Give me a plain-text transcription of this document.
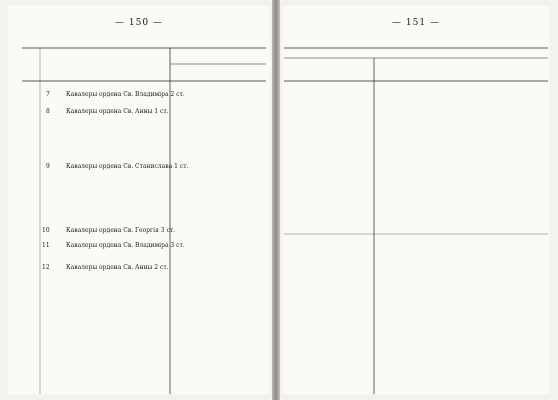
— 150 —
7	Кавалеры ордена Св. Владиміра 2 ст.
8	Кавалеры ордена Св. Анны 1 ст.
9	Кавалеры ордена Св. Станислава 1 ст.
10	Кавалеры ордена Св. Георгія 3 ст.
11	Кавалеры ордена Св. Владиміра 3 ст.
12	Кавалеры ордена Св. Анны 2 ст.
— 151 —
